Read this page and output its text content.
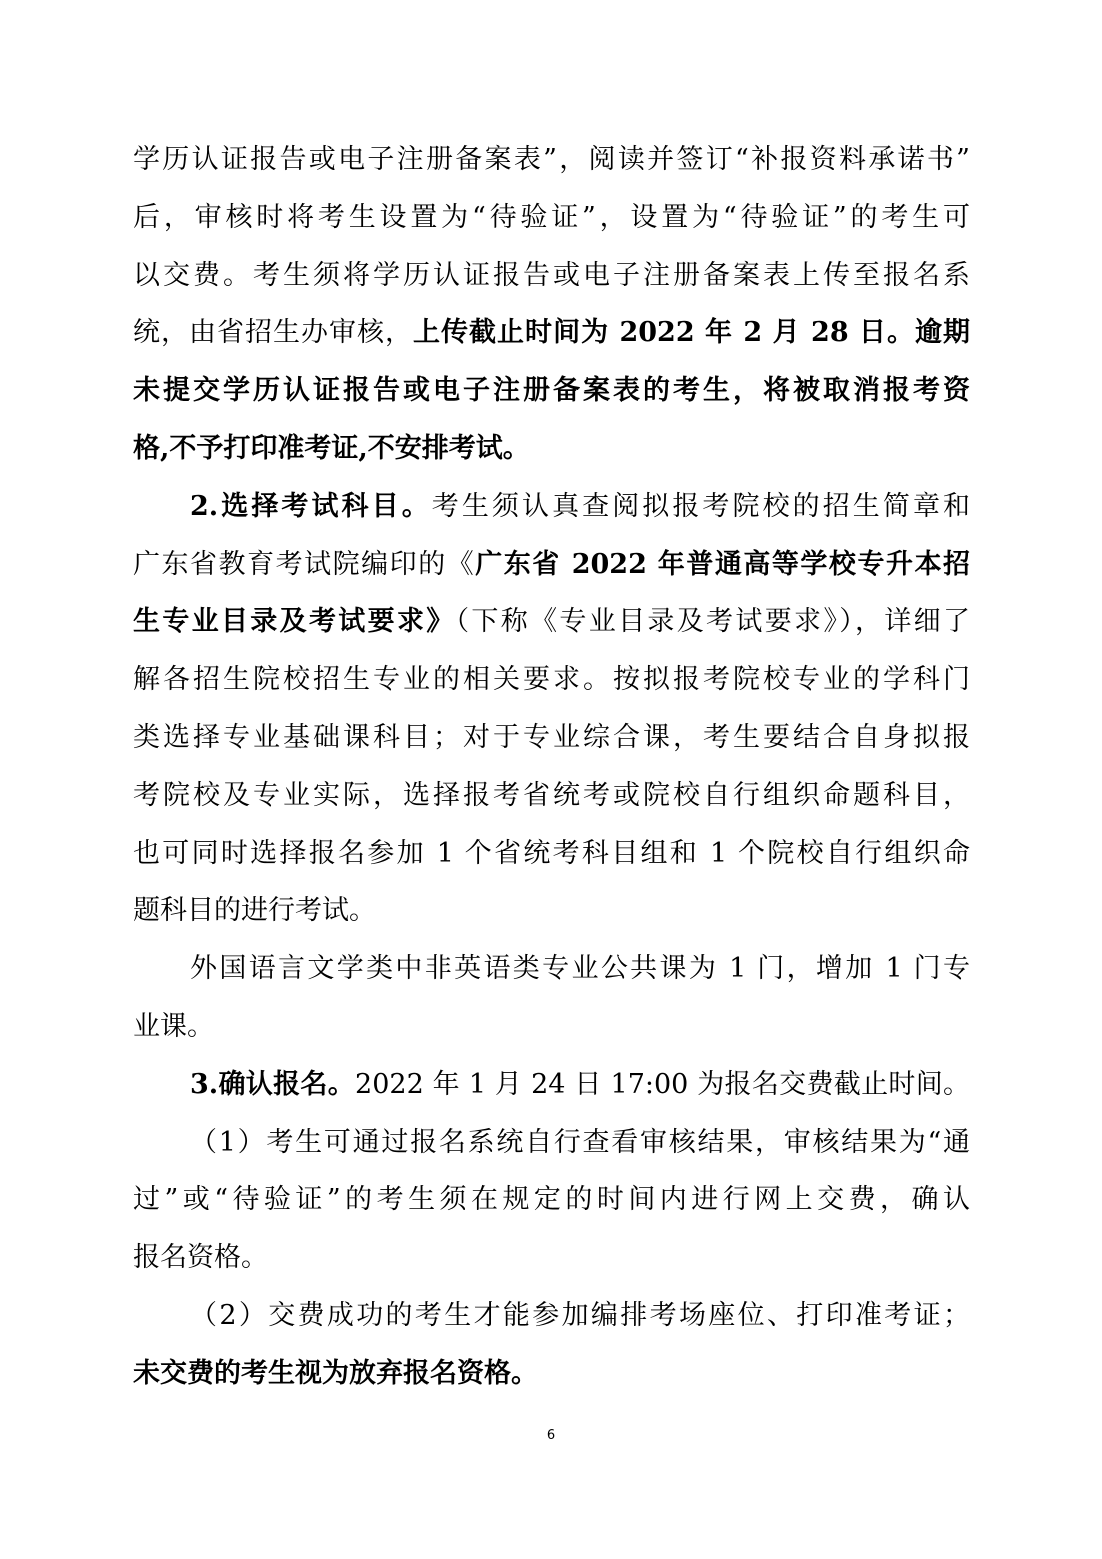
学历认证报告或电子注册备案表”，阅读并签订“补报资料承诺书”
后，审核时将考生设置为“待验证”，设置为“待验证”的考生可
以交费。考生须将学历认证报告或电子注册备案表上传至报名系
统，由省招生办审核，上传截止时间为 2022 年 2 月 28 日。逾期
未提交学历认证报告或电子注册备案表的考生，将被取消报考资
格,不予打印准考证,不安排考试。
2.选择考试科目。考生须认真查阅拟报考院校的招生简章和
广东省教育考试院编印的《广东省 2022 年普通高等学校专升本招
生专业目录及考试要求》（下称《专业目录及考试要求》），详细了
解各招生院校招生专业的相关要求。按拟报考院校专业的学科门
类选择专业基础课科目；对于专业综合课，考生要结合自身拟报
考院校及专业实际，选择报考省统考或院校自行组织命题科目，
也可同时选择报名参加 1 个省统考科目组和 1 个院校自行组织命
题科目的进行考试。
外国语言文学类中非英语类专业公共课为 1 门，增加 1 门专
业课。
3.确认报名。2022 年 1 月 24 日 17:00 为报名交费截止时间。
（1）考生可通过报名系统自行查看审核结果，审核结果为“通
过”或“待验证”的考生须在规定的时间内进行网上交费，确认
报名资格。
（2）交费成功的考生才能参加编排考场座位、打印准考证；
未交费的考生视为放弃报名资格。
6
